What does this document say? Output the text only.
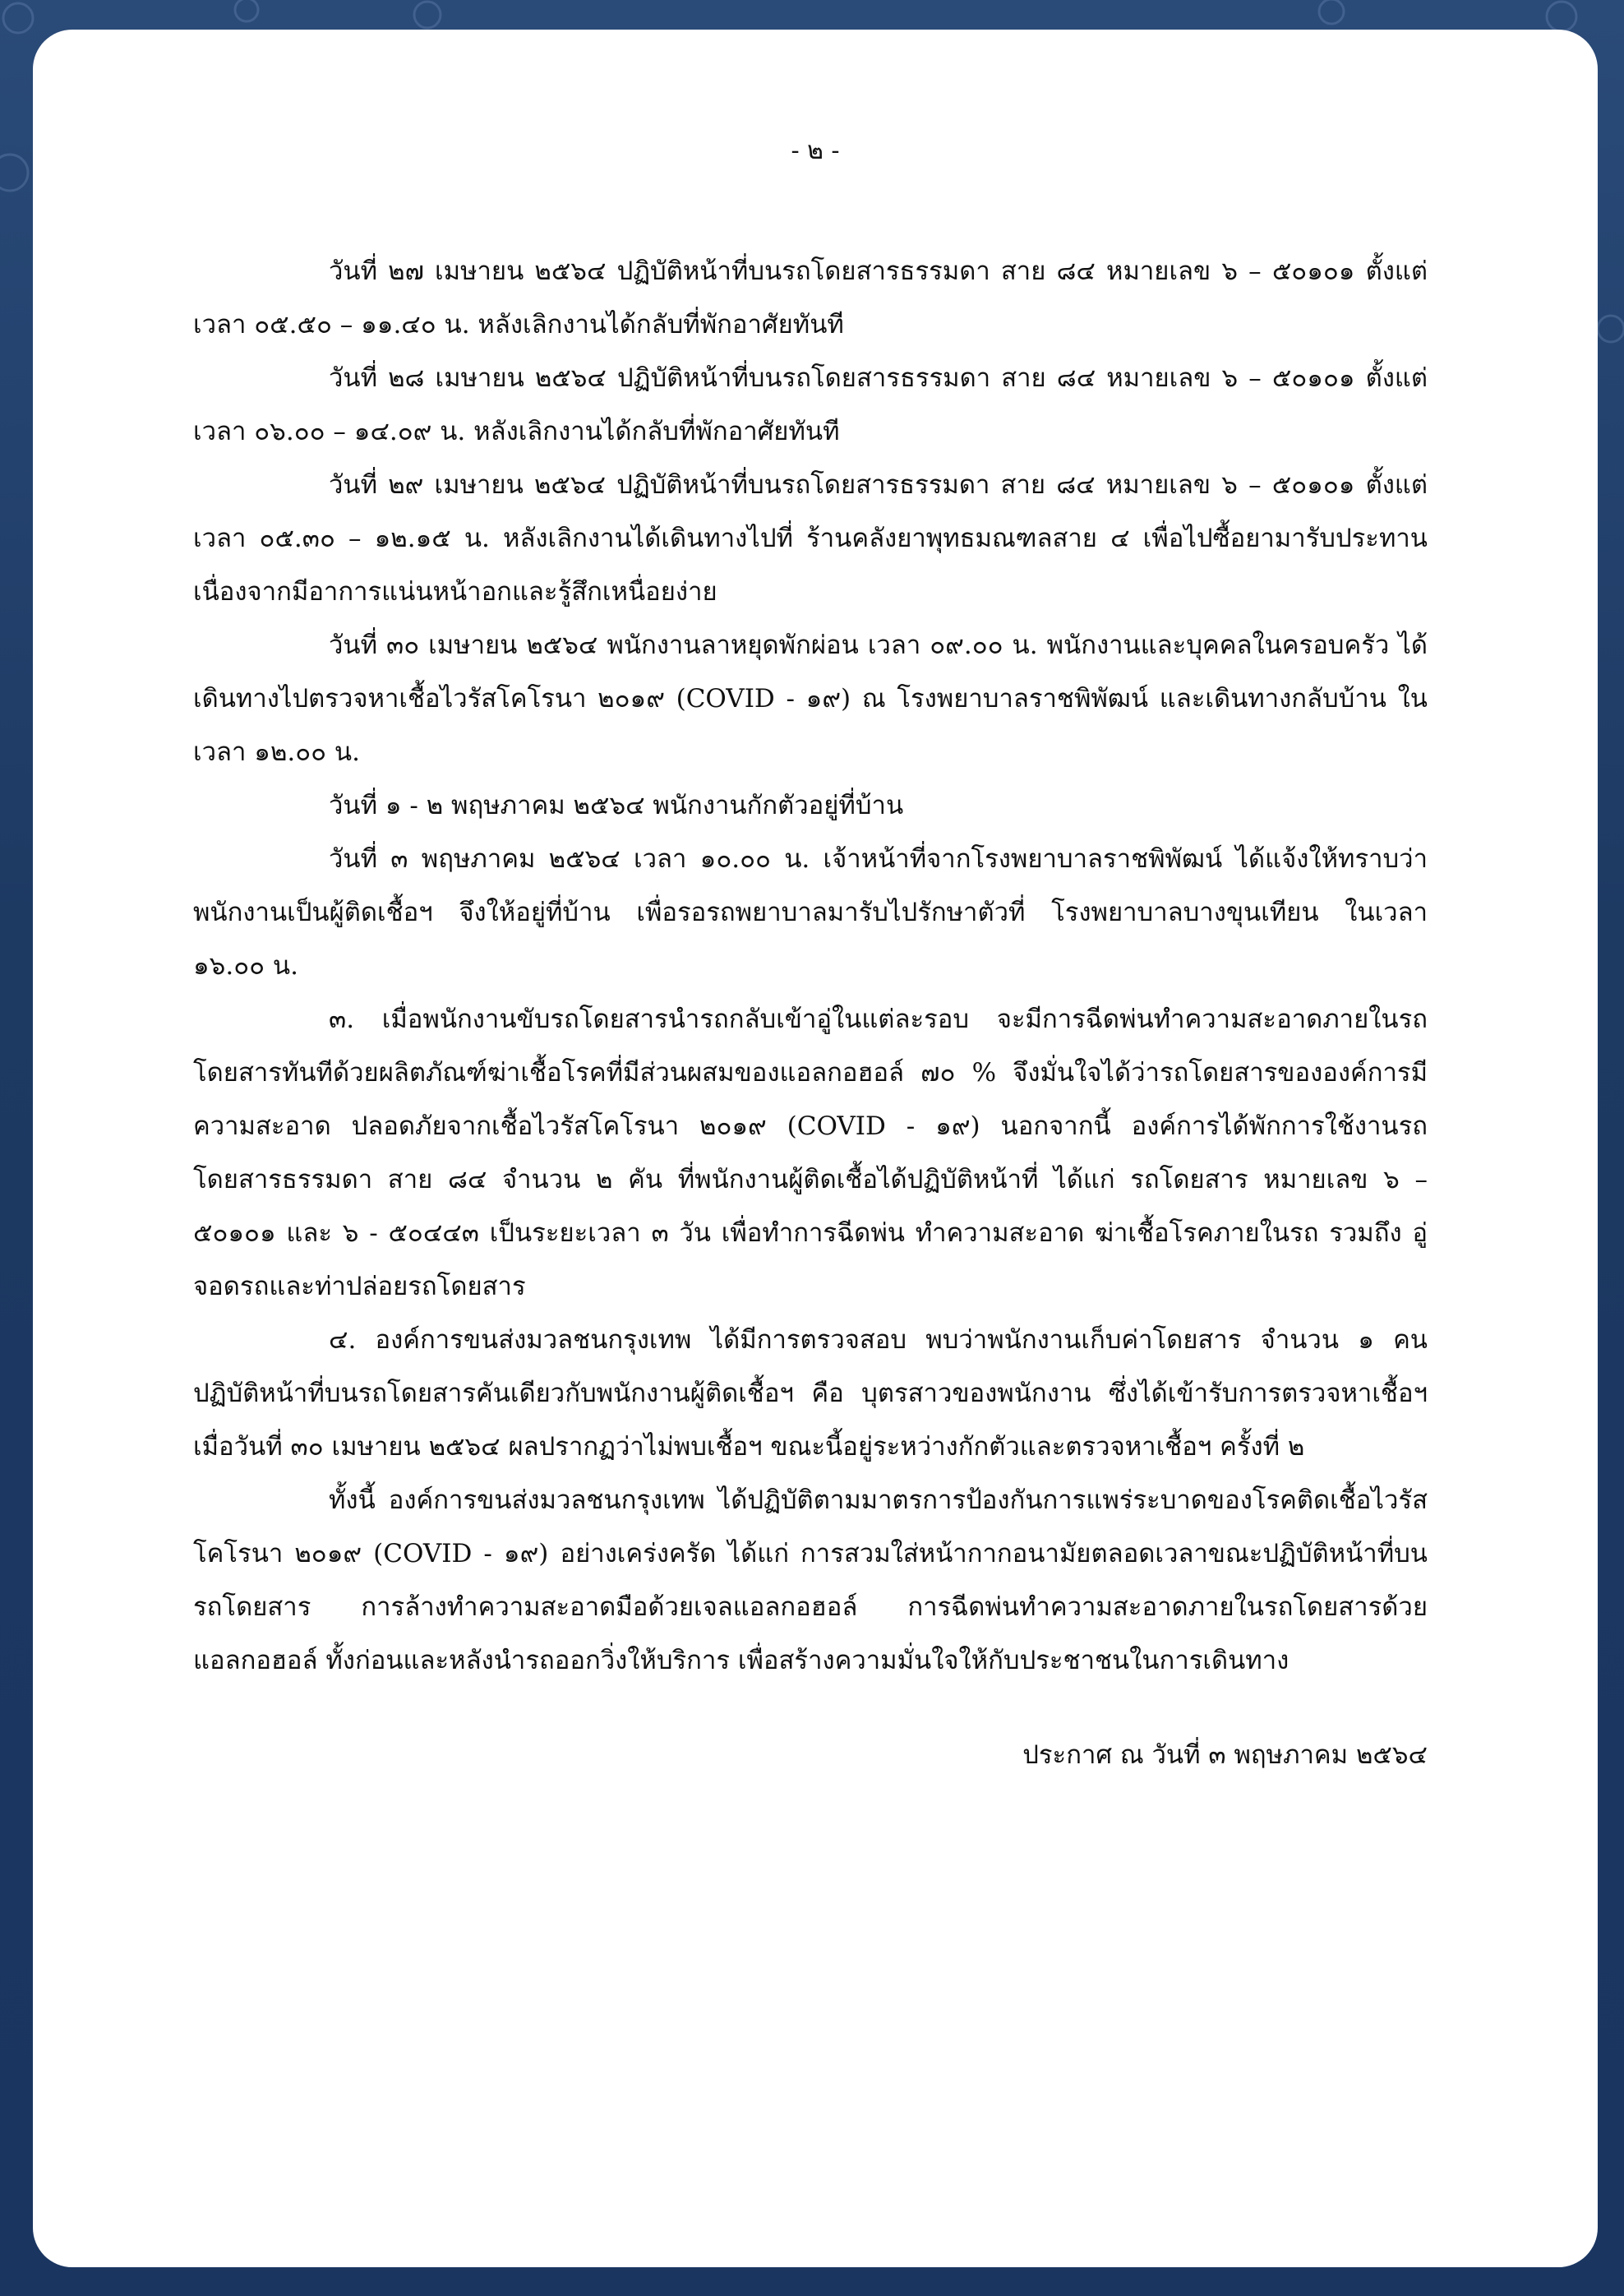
- ๒ -

วันที่ ๒๗ เมษายน ๒๕๖๔ ปฏิบัติหน้าที่บนรถโดยสารธรรมดา สาย ๘๔ หมายเลข ๖ – ๕๐๑๐๑ ตั้งแต่เวลา ๐๕.๕๐ – ๑๑.๔๐ น. หลังเลิกงานได้กลับที่พักอาศัยทันที

วันที่ ๒๘ เมษายน ๒๕๖๔ ปฏิบัติหน้าที่บนรถโดยสารธรรมดา สาย ๘๔ หมายเลข ๖ – ๕๐๑๐๑ ตั้งแต่เวลา ๐๖.๐๐ – ๑๔.๐๙ น. หลังเลิกงานได้กลับที่พักอาศัยทันที

วันที่ ๒๙ เมษายน ๒๕๖๔ ปฏิบัติหน้าที่บนรถโดยสารธรรมดา สาย ๘๔ หมายเลข ๖ – ๕๐๑๐๑ ตั้งแต่เวลา ๐๕.๓๐ – ๑๒.๑๕ น. หลังเลิกงานได้เดินทางไปที่ ร้านคลังยาพุทธมณฑลสาย ๔ เพื่อไปซื้อยามารับประทาน เนื่องจากมีอาการแน่นหน้าอกและรู้สึกเหนื่อยง่าย

วันที่ ๓๐ เมษายน ๒๕๖๔ พนักงานลาหยุดพักผ่อน เวลา ๐๙.๐๐ น. พนักงานและบุคคลในครอบครัว ได้เดินทางไปตรวจหาเชื้อไวรัสโคโรนา ๒๐๑๙ (COVID - ๑๙) ณ โรงพยาบาลราชพิพัฒน์ และเดินทางกลับบ้าน ในเวลา ๑๒.๐๐ น.

วันที่ ๑ - ๒ พฤษภาคม ๒๕๖๔ พนักงานกักตัวอยู่ที่บ้าน

วันที่ ๓ พฤษภาคม ๒๕๖๔ เวลา ๑๐.๐๐ น. เจ้าหน้าที่จากโรงพยาบาลราชพิพัฒน์ ได้แจ้งให้ทราบว่า พนักงานเป็นผู้ติดเชื้อฯ จึงให้อยู่ที่บ้าน เพื่อรอรถพยาบาลมารับไปรักษาตัวที่ โรงพยาบาลบางขุนเทียน ในเวลา ๑๖.๐๐ น.

๓. เมื่อพนักงานขับรถโดยสารนำรถกลับเข้าอู่ในแต่ละรอบ จะมีการฉีดพ่นทำความสะอาดภายในรถโดยสารทันทีด้วยผลิตภัณฑ์ฆ่าเชื้อโรคที่มีส่วนผสมของแอลกอฮอล์ ๗๐ % จึงมั่นใจได้ว่ารถโดยสารขององค์การมีความสะอาด ปลอดภัยจากเชื้อไวรัสโคโรนา ๒๐๑๙ (COVID - ๑๙) นอกจากนี้ องค์การได้พักการใช้งานรถโดยสารธรรมดา สาย ๘๔ จำนวน ๒ คัน ที่พนักงานผู้ติดเชื้อได้ปฏิบัติหน้าที่ ได้แก่ รถโดยสาร หมายเลข ๖ – ๕๐๑๐๑ และ ๖ - ๕๐๔๔๓ เป็นระยะเวลา ๓ วัน เพื่อทำการฉีดพ่น ทำความสะอาด ฆ่าเชื้อโรคภายในรถ รวมถึง อู่จอดรถและท่าปล่อยรถโดยสาร

๔. องค์การขนส่งมวลชนกรุงเทพ ได้มีการตรวจสอบ พบว่าพนักงานเก็บค่าโดยสาร จำนวน ๑ คน ปฏิบัติหน้าที่บนรถโดยสารคันเดียวกับพนักงานผู้ติดเชื้อฯ คือ บุตรสาวของพนักงาน ซึ่งได้เข้ารับการตรวจหาเชื้อฯ เมื่อวันที่ ๓๐ เมษายน ๒๕๖๔ ผลปรากฏว่าไม่พบเชื้อฯ ขณะนี้อยู่ระหว่างกักตัวและตรวจหาเชื้อฯ ครั้งที่ ๒

ทั้งนี้ องค์การขนส่งมวลชนกรุงเทพ ได้ปฏิบัติตามมาตรการป้องกันการแพร่ระบาดของโรคติดเชื้อไวรัสโคโรนา ๒๐๑๙ (COVID - ๑๙) อย่างเคร่งครัด ได้แก่ การสวมใส่หน้ากากอนามัยตลอดเวลาขณะปฏิบัติหน้าที่บนรถโดยสาร การล้างทำความสะอาดมือด้วยเจลแอลกอฮอล์ การฉีดพ่นทำความสะอาดภายในรถโดยสารด้วยแอลกอฮอล์ ทั้งก่อนและหลังนำรถออกวิ่งให้บริการ เพื่อสร้างความมั่นใจให้กับประชาชนในการเดินทาง

ประกาศ ณ วันที่ ๓ พฤษภาคม ๒๕๖๔
